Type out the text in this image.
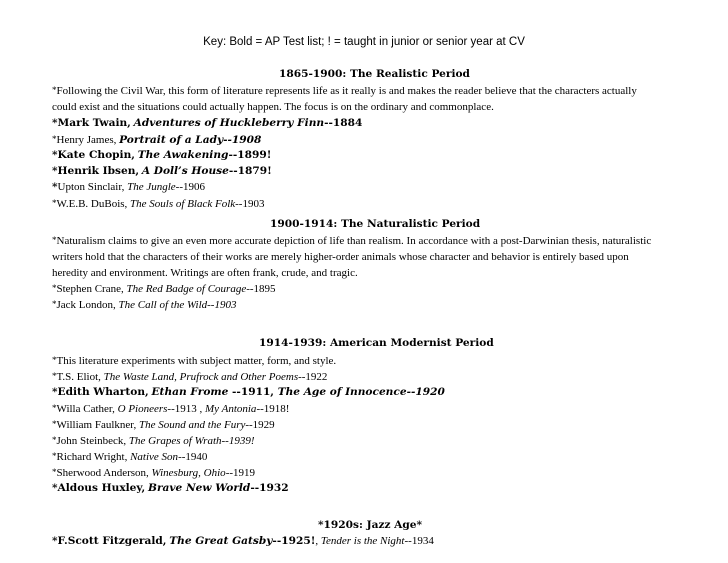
Key: Bold = AP Test list; ! = taught in junior or senior year at CV
1865-1900: The Realistic Period
*Following the Civil War, this form of literature represents life as it really is and makes the reader believe that the characters actually
could exist and the situations could actually happen. The focus is on the ordinary and commonplace.
*Mark Twain, Adventures of Huckleberry Finn--1884
*Henry James, Portrait of a Lady--1908
*Kate Chopin, The Awakening--1899!
*Henrik Ibsen, A Doll’s House--1879!
*Upton Sinclair, The Jungle--1906
*W.E.B. DuBois, The Souls of Black Folk--1903
1900-1914: The Naturalistic Period
*Naturalism claims to give an even more accurate depiction of life than realism. In accordance with a post-Darwinian thesis, naturalistic
writers hold that the characters of their works are merely higher-order animals whose character and behavior is entirely based upon
heredity and environment. Writings are often frank, crude, and tragic.
*Stephen Crane, The Red Badge of Courage--1895
*Jack London, The Call of the Wild--1903
1914-1939: American Modernist Period
*This literature experiments with subject matter, form, and style.
*T.S. Eliot, The Waste Land, Prufrock and Other Poems--1922
*Edith Wharton, Ethan Frome --1911, The Age of Innocence--1920
*Willa Cather, O Pioneers--1913 , My Antonia--1918!
*William Faulkner, The Sound and the Fury--1929
*John Steinbeck, The Grapes of Wrath--1939!
*Richard Wright, Native Son--1940
*Sherwood Anderson, Winesburg, Ohio--1919
*Aldous Huxley, Brave New World--1932
*1920s: Jazz Age*
*F.Scott Fitzgerald, The Great Gatsby--1925!, Tender is the Night--1934
